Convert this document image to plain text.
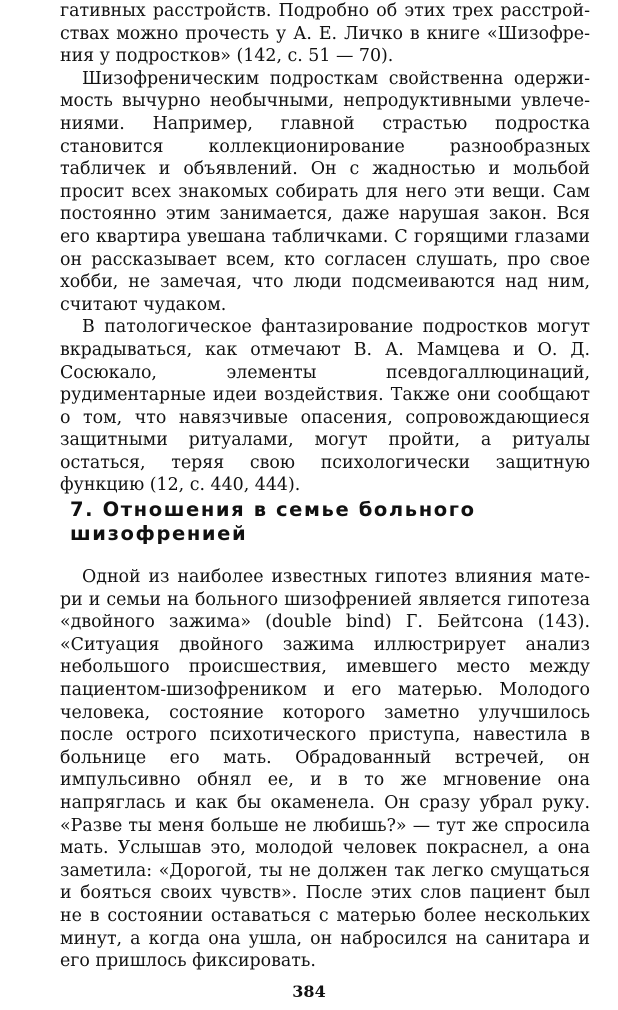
гативных расстройств. Подробно об этих трех расстройствах можно прочесть у А. Е. Личко в книге «Шизофрения у подростков» (142, с. 51 — 70).

Шизофреническим подросткам свойственна одержимость вычурно необычными, непродуктивными увлечениями. Например, главной страстью подростка становится коллекционирование разнообразных табличек и объявлений. Он с жадностью и мольбой просит всех знакомых собирать для него эти вещи. Сам постоянно этим занимается, даже нарушая закон. Вся его квартира увешана табличками. С горящими глазами он рассказывает всем, кто согласен слушать, про свое хобби, не замечая, что люди подсмеиваются над ним, считают чудаком.

В патологическое фантазирование подростков могут вкрадываться, как отмечают В. А. Мамцева и О. Д. Сосюкало, элементы псевдогаллюцинаций, рудиментарные идеи воздействия. Также они сообщают о том, что навязчивые опасения, сопровождающиеся защитными ритуалами, могут пройти, а ритуалы остаться, теряя свою психологически защитную функцию (12, с. 440, 444).

7. Отношения в семье больного шизофренией

Одной из наиболее известных гипотез влияния матери и семьи на больного шизофренией является гипотеза «двойного зажима» (double bind) Г. Бейтсона (143). «Ситуация двойного зажима иллюстрирует анализ небольшого происшествия, имевшего место между пациентом-шизофреником и его матерью. Молодого человека, состояние которого заметно улучшилось после острого психотического приступа, навестила в больнице его мать. Обрадованный встречей, он импульсивно обнял ее, и в то же мгновение она напряглась и как бы окаменела. Он сразу убрал руку. «Разве ты меня больше не любишь?» — тут же спросила мать. Услышав это, молодой человек покраснел, а она заметила: «Дорогой, ты не должен так легко смущаться и бояться своих чувств». После этих слов пациент был не в состоянии оставаться с матерью более нескольких минут, а когда она ушла, он набросился на санитара и его пришлось фиксировать.

384
